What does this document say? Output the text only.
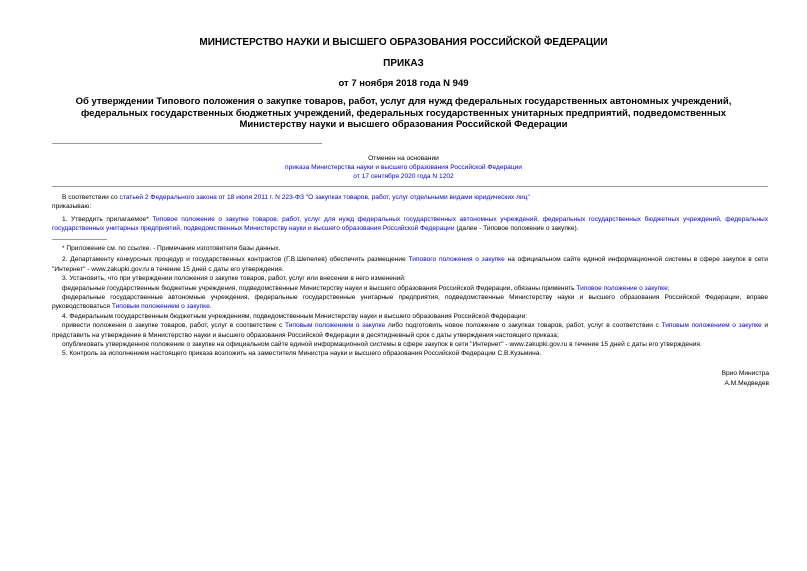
МИНИСТЕРСТВО НАУКИ И ВЫСШЕГО ОБРАЗОВАНИЯ РОССИЙСКОЙ ФЕДЕРАЦИИ
ПРИКАЗ
от 7 ноября 2018 года N 949
Об утверждении Типового положения о закупке товаров, работ, услуг для нужд федеральных государственных автономных учреждений, федеральных государственных бюджетных учреждений, федеральных государственных унитарных предприятий, подведомственных Министерству науки и высшего образования Российской Федерации
Отменен на основании
приказа Министерства науки и высшего образования Российской Федерации
от 17 сентября 2020 года N 1202

В соответствии со статьей 2 Федерального закона от 18 июля 2011 г. N 223-ФЗ "О закупках товаров, работ, услуг отдельными видами юридических лиц"

приказываю:

1. Утвердить прилагаемое* Типовое положение о закупке товаров, работ, услуг для нужд федеральных государственных автономных учреждений, федеральных государственных бюджетных учреждений, федеральных государственных унитарных предприятий, подведомственных Министерству науки и высшего образования Российской Федерации (далее - Типовое положение о закупке).

* Приложение см. по ссылке. - Примечание изготовителя базы данных.

2. Департаменту конкурсных процедур и государственных контрактов (Г.В.Шепелев) обеспечить размещение Типового положения о закупке на официальном сайте единой информационной системы в сфере закупок в сети "Интернет" - www.zakupki.gov.ru в течение 15 дней с даты его утверждения.

3. Установить, что при утверждении положения о закупке товаров, работ, услуг или внесении в него изменений:

федеральные государственные бюджетные учреждения, подведомственные Министерству науки и высшего образования Российской Федерации, обязаны применять Типовое положение о закупке;

федеральные государственные автономные учреждения, федеральные государственные унитарные предприятия, подведомственные Министерству науки и высшего образования Российской Федерации, вправе руководствоваться Типовым положением о закупке.

4. Федеральным государственным бюджетным учреждениям, подведомственным Министерству науки и высшего образования Российской Федерации:

привести положения о закупке товаров, работ, услуг в соответствие с Типовым положением о закупке либо подготовить новое положение о закупках товаров, работ, услуг в соответствии с Типовым положением о закупке и представить на утверждение в Министерство науки и высшего образования Российской Федерации в десятидневный срок с даты утверждения настоящего приказа;

опубликовать утвержденное положение о закупке на официальном сайте единой информационной системы в сфере закупок в сети "Интернет" - www.zakupki.gov.ru в течение 15 дней с даты его утверждения.

5. Контроль за исполнением настоящего приказа возложить на заместителя Министра науки и высшего образования Российской Федерации С.В.Кузьмина.

Врио Министра
А.М.Медведев
